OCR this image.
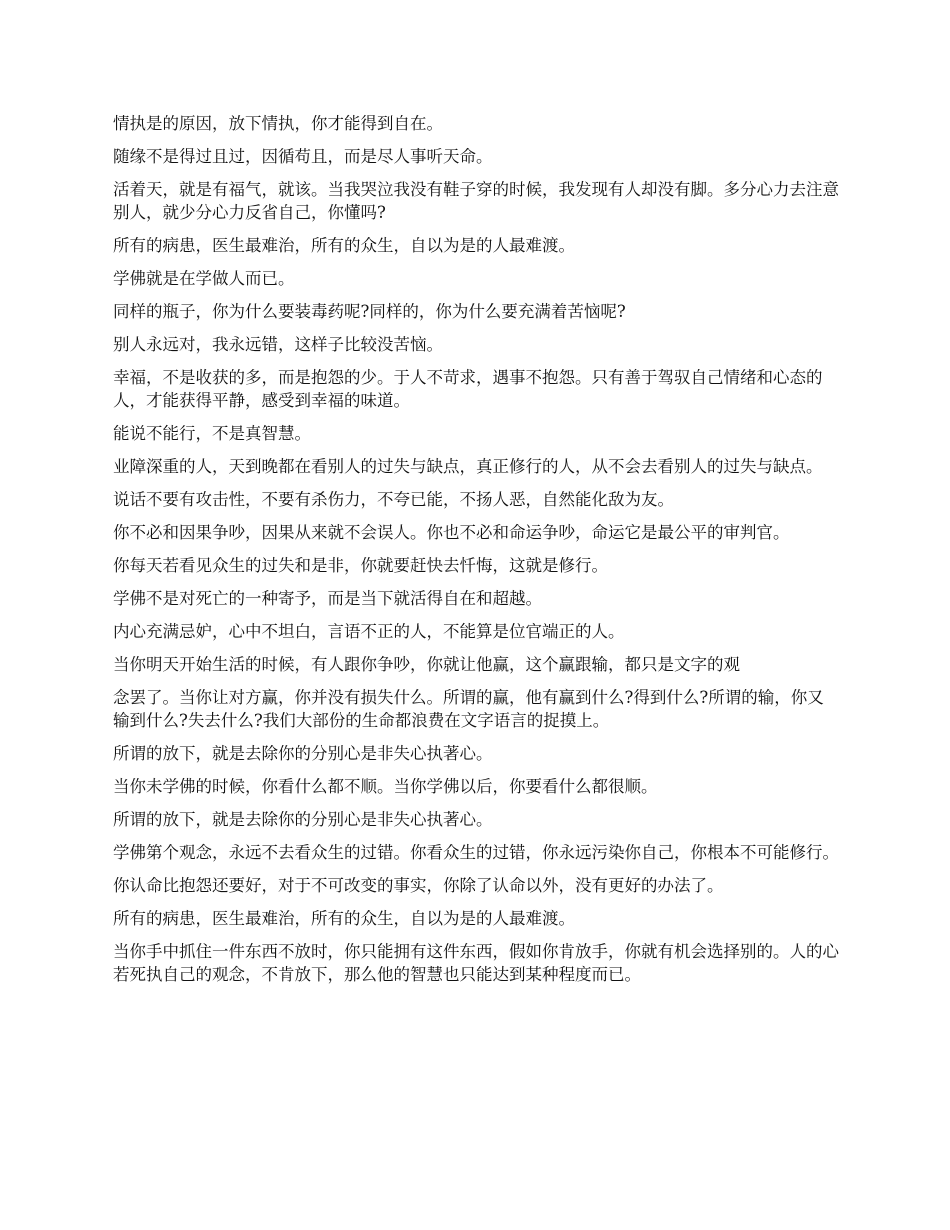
情执是的原因，放下情执，你才能得到自在。

随缘不是得过且过，因循苟且，而是尽人事听天命。

活着天，就是有福气，就该。当我哭泣我没有鞋子穿的时候，我发现有人却没有脚。多分心力去注意别人，就少分心力反省自己，你懂吗?

所有的病患，医生最难治，所有的众生，自以为是的人最难渡。

学佛就是在学做人而已。

同样的瓶子，你为什么要装毒药呢?同样的，你为什么要充满着苦恼呢?

别人永远对，我永远错，这样子比较没苦恼。

幸福，不是收获的多，而是抱怨的少。于人不苛求，遇事不抱怨。只有善于驾驭自己情绪和心态的人，才能获得平静，感受到幸福的味道。

能说不能行，不是真智慧。

业障深重的人，天到晚都在看别人的过失与缺点，真正修行的人，从不会去看别人的过失与缺点。

说话不要有攻击性，不要有杀伤力，不夸已能，不扬人恶，自然能化敌为友。

你不必和因果争吵，因果从来就不会误人。你也不必和命运争吵，命运它是最公平的审判官。

你每天若看见众生的过失和是非，你就要赶快去忏悔，这就是修行。

学佛不是对死亡的一种寄予，而是当下就活得自在和超越。

内心充满忌妒，心中不坦白，言语不正的人，不能算是位官端正的人。

当你明天开始生活的时候，有人跟你争吵，你就让他赢，这个赢跟输，都只是文字的观

念罢了。当你让对方赢，你并没有损失什么。所谓的赢，他有赢到什么?得到什么?所谓的输，你又输到什么?失去什么?我们大部份的生命都浪费在文字语言的捉摸上。

所谓的放下，就是去除你的分别心是非失心执著心。

当你未学佛的时候，你看什么都不顺。当你学佛以后，你要看什么都很顺。

所谓的放下，就是去除你的分别心是非失心执著心。

学佛第个观念，永远不去看众生的过错。你看众生的过错，你永远污染你自己，你根本不可能修行。

你认命比抱怨还要好，对于不可改变的事实，你除了认命以外，没有更好的办法了。

所有的病患，医生最难治，所有的众生，自以为是的人最难渡。

当你手中抓住一件东西不放时，你只能拥有这件东西，假如你肯放手，你就有机会选择别的。人的心若死执自己的观念，不肯放下，那么他的智慧也只能达到某种程度而已。
